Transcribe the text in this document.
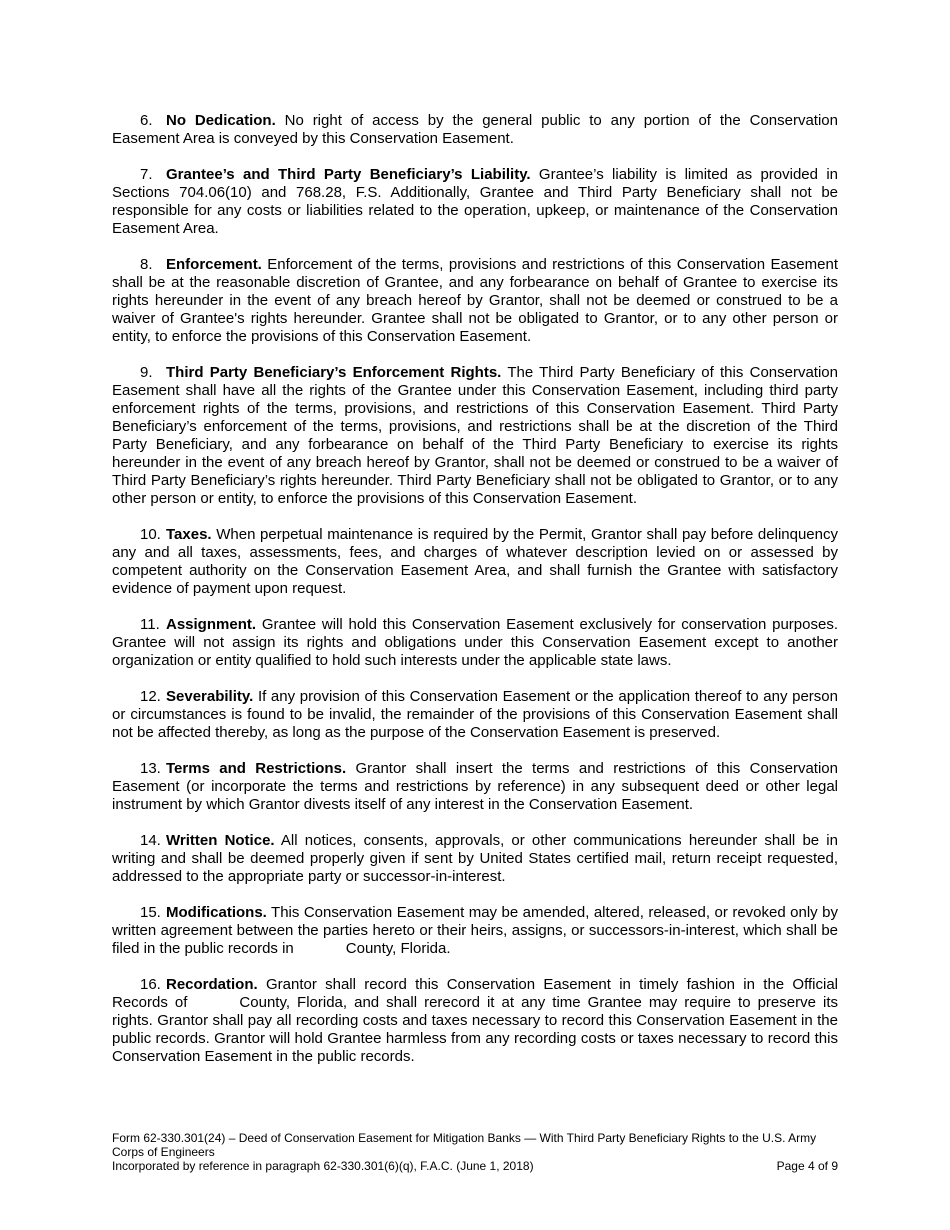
6. No Dedication. No right of access by the general public to any portion of the Conservation Easement Area is conveyed by this Conservation Easement.

7. Grantee’s and Third Party Beneficiary’s Liability. Grantee’s liability is limited as provided in Sections 704.06(10) and 768.28, F.S. Additionally, Grantee and Third Party Beneficiary shall not be responsible for any costs or liabilities related to the operation, upkeep, or maintenance of the Conservation Easement Area.

8. Enforcement. Enforcement of the terms, provisions and restrictions of this Conservation Easement shall be at the reasonable discretion of Grantee, and any forbearance on behalf of Grantee to exercise its rights hereunder in the event of any breach hereof by Grantor, shall not be deemed or construed to be a waiver of Grantee's rights hereunder. Grantee shall not be obligated to Grantor, or to any other person or entity, to enforce the provisions of this Conservation Easement.

9. Third Party Beneficiary’s Enforcement Rights. The Third Party Beneficiary of this Conservation Easement shall have all the rights of the Grantee under this Conservation Easement, including third party enforcement rights of the terms, provisions, and restrictions of this Conservation Easement. Third Party Beneficiary’s enforcement of the terms, provisions, and restrictions shall be at the discretion of the Third Party Beneficiary, and any forbearance on behalf of the Third Party Beneficiary to exercise its rights hereunder in the event of any breach hereof by Grantor, shall not be deemed or construed to be a waiver of Third Party Beneficiary’s rights hereunder. Third Party Beneficiary shall not be obligated to Grantor, or to any other person or entity, to enforce the provisions of this Conservation Easement.

10. Taxes. When perpetual maintenance is required by the Permit, Grantor shall pay before delinquency any and all taxes, assessments, fees, and charges of whatever description levied on or assessed by competent authority on the Conservation Easement Area, and shall furnish the Grantee with satisfactory evidence of payment upon request.

11. Assignment. Grantee will hold this Conservation Easement exclusively for conservation purposes. Grantee will not assign its rights and obligations under this Conservation Easement except to another organization or entity qualified to hold such interests under the applicable state laws.

12. Severability. If any provision of this Conservation Easement or the application thereof to any person or circumstances is found to be invalid, the remainder of the provisions of this Conservation Easement shall not be affected thereby, as long as the purpose of the Conservation Easement is preserved.

13. Terms and Restrictions. Grantor shall insert the terms and restrictions of this Conservation Easement (or incorporate the terms and restrictions by reference) in any subsequent deed or other legal instrument by which Grantor divests itself of any interest in the Conservation Easement.

14. Written Notice. All notices, consents, approvals, or other communications hereunder shall be in writing and shall be deemed properly given if sent by United States certified mail, return receipt requested, addressed to the appropriate party or successor-in-interest.

15. Modifications. This Conservation Easement may be amended, altered, released, or revoked only by written agreement between the parties hereto or their heirs, assigns, or successors-in-interest, which shall be filed in the public records in	County, Florida.

16. Recordation. Grantor shall record this Conservation Easement in timely fashion in the Official Records of	County, Florida, and shall rerecord it at any time Grantee may require to preserve its rights. Grantor shall pay all recording costs and taxes necessary to record this Conservation Easement in the public records. Grantor will hold Grantee harmless from any recording costs or taxes necessary to record this Conservation Easement in the public records.

Form 62-330.301(24) – Deed of Conservation Easement for Mitigation Banks — With Third Party Beneficiary Rights to the U.S. Army Corps of Engineers
Incorporated by reference in paragraph 62-330.301(6)(q), F.A.C. (June 1, 2018)	Page 4 of 9
